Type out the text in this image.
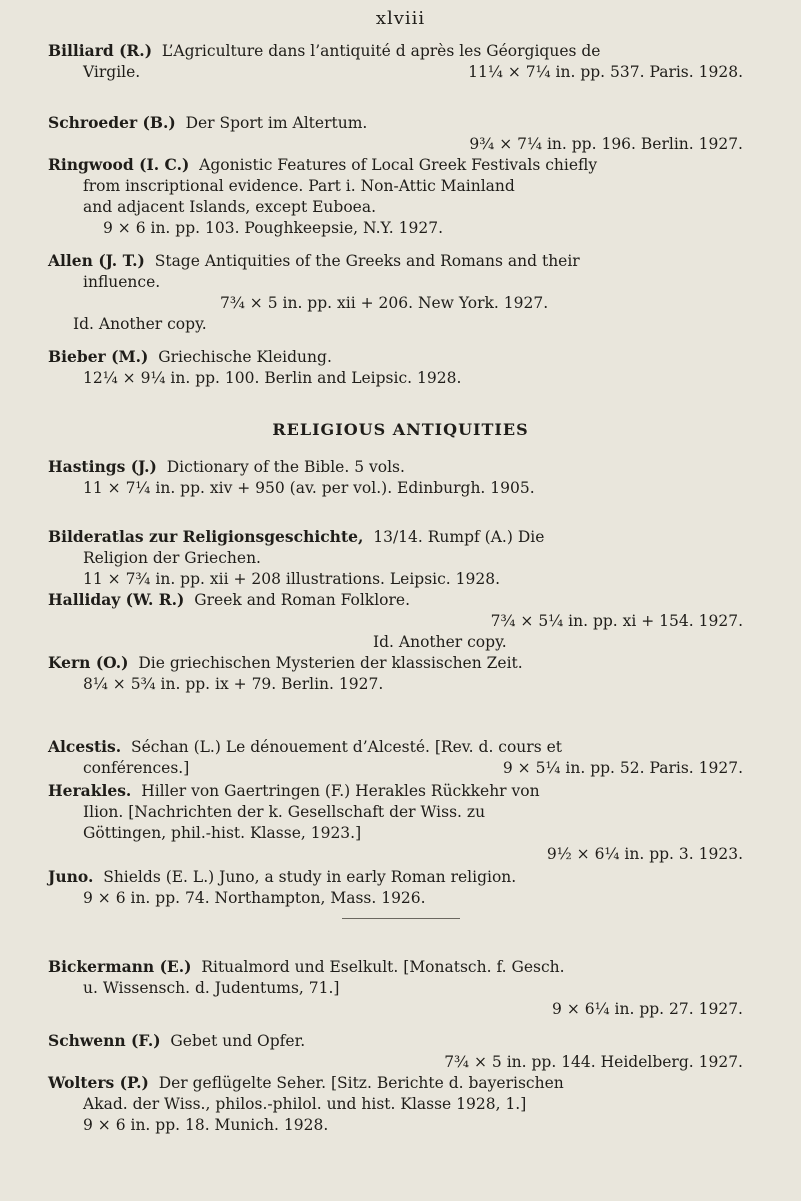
xlviii

Billiard (R.) L’Agriculture dans l’antiquité d après les Géorgiques de

Virgile.	11¼ × 7¼ in. pp. 537. Paris. 1928.

Schroeder (B.) Der Sport im Altertum.

9¾ × 7¼ in. pp. 196. Berlin. 1927.

Ringwood (I. C.) Agonistic Features of Local Greek Festivals chiefly

from inscriptional evidence. Part i. Non-Attic Mainland

and adjacent Islands, except Euboea.

9 × 6 in. pp. 103. Poughkeepsie, N.Y. 1927.

Allen (J. T.) Stage Antiquities of the Greeks and Romans and their

influence.

7¾ × 5 in. pp. xii + 206. New York. 1927.

Id. Another copy.

Bieber (M.) Griechische Kleidung.

12¼ × 9¼ in. pp. 100. Berlin and Leipsic. 1928.

RELIGIOUS ANTIQUITIES

Hastings (J.) Dictionary of the Bible. 5 vols.

11 × 7¼ in. pp. xiv + 950 (av. per vol.). Edinburgh. 1905.

Bilderatlas zur Religionsgeschichte, 13/14. Rumpf (A.) Die

Religion der Griechen.

11 × 7¾ in. pp. xii + 208 illustrations. Leipsic. 1928.

Halliday (W. R.) Greek and Roman Folklore.

7¾ × 5¼ in. pp. xi + 154. 1927.

Id. Another copy.

Kern (O.) Die griechischen Mysterien der klassischen Zeit.

8¼ × 5¾ in. pp. ix + 79. Berlin. 1927.

Alcestis. Séchan (L.) Le dénouement d’Alcesté. [Rev. d. cours et

conférences.]	9 × 5¼ in. pp. 52. Paris. 1927.

Herakles. Hiller von Gaertringen (F.) Herakles Rückkehr von

Ilion. [Nachrichten der k. Gesellschaft der Wiss. zu

Göttingen, phil.-hist. Klasse, 1923.]

9½ × 6¼ in. pp. 3. 1923.

Juno. Shields (E. L.) Juno, a study in early Roman religion.

9 × 6 in. pp. 74. Northampton, Mass. 1926.

Bickermann (E.) Ritualmord und Eselkult. [Monatsch. f. Gesch.

u. Wissensch. d. Judentums, 71.]

9 × 6¼ in. pp. 27. 1927.

Schwenn (F.) Gebet und Opfer.

7¾ × 5 in. pp. 144. Heidelberg. 1927.

Wolters (P.) Der geflügelte Seher. [Sitz. Berichte d. bayerischen

Akad. der Wiss., philos.-philol. und hist. Klasse 1928, 1.]

9 × 6 in. pp. 18. Munich. 1928.
